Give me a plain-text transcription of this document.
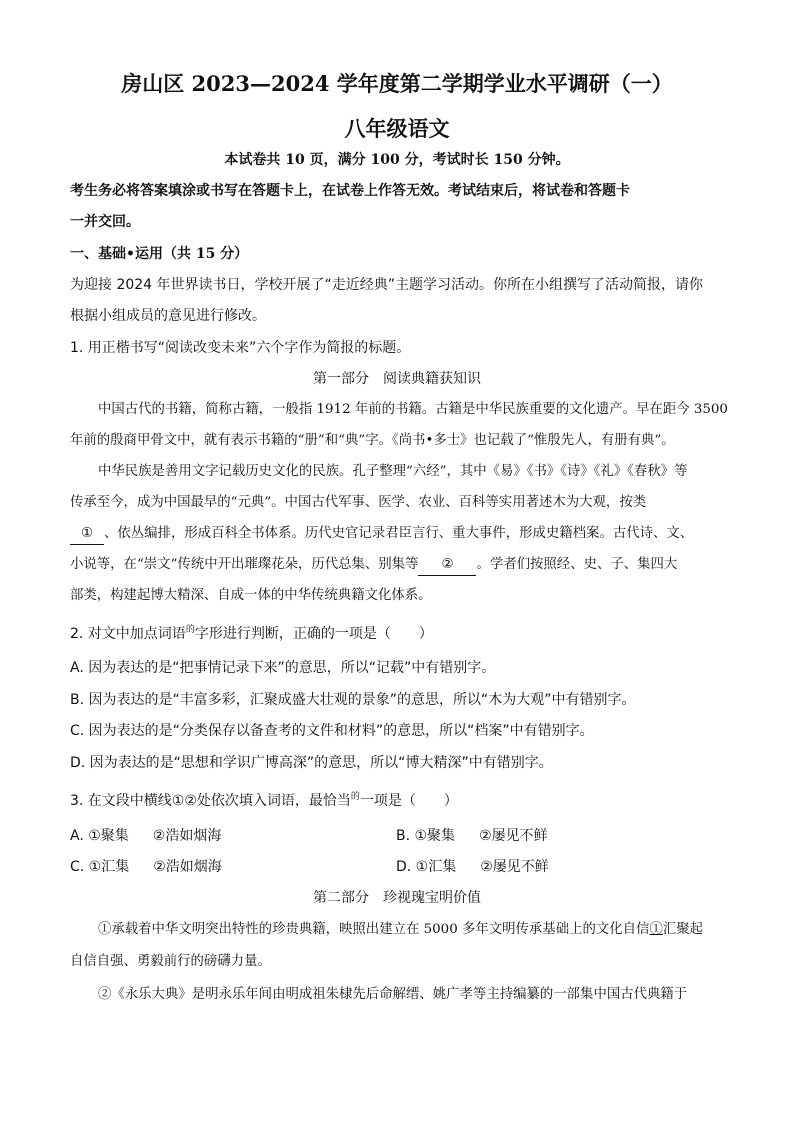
房山区 2023—2024 学年度第二学期学业水平调研（一）
八年级语文
本试卷共 10 页，满分 100 分，考试时长 150 分钟。
考生务必将答案填涂或书写在答题卡上，在试卷上作答无效。考试结束后，将试卷和答题卡
一并交回。
一、基础•运用（共 15 分）
为迎接 2024 年世界读书日，学校开展了“走近经典”主题学习活动。你所在小组撰写了活动简报，请你
根据小组成员的意见进行修改。
1. 用正楷书写“阅读改变未来”六个字作为简报的标题。
第一部分　阅读典籍获知识
中国古代的书籍，简称古籍，一般指 1912 年前的书籍。古籍是中华民族重要的文化遗产。早在距今 3500
年前的殷商甲骨文中，就有表示书籍的“册”和“典”字。《尚书•多士》也记载了“惟殷先人，有册有典”。
中华民族是善用文字记载历史文化的民族。孔子整理“六经”，其中《易》《书》《诗》《礼》《春秋》等
传承至今，成为中国最早的“元典”。中国古代军事、医学、农业、百科等实用著述木为大观，按类
① 、依丛编排，形成百科全书体系。历代史官记录君臣言行、重大事件，形成史籍档案。古代诗、文、
小说等，在“崇文”传统中开出璀璨花朵，历代总集、别集等 ② 。学者们按照经、史、子、集四大
部类，构建起博大精深、自成一体的中华传统典籍文化体系。
2. 对文中加点词语$^的$字形进行判断，正确的一项是（　　）
A. 因为表达的是“把事情记录下来”的意思，所以“记载”中有错别字。
B. 因为表达的是“丰富多彩，汇聚成盛大壮观的景象”的意思，所以“木为大观”中有错别字。
C. 因为表达的是“分类保存以备查考的文件和材料”的意思，所以“档案”中有错别字。
D. 因为表达的是“思想和学识广博高深”的意思，所以“博大精深”中有错别字。
3. 在文段中横线①②处依次填入词语，最恰当$^的$一项是（　　）
A. ①聚集 ②浩如烟海	B. ①聚集 ②屡见不鲜
C. ①汇集 ②浩如烟海	D. ①汇集 ②屡见不鲜
第二部分　珍视瑰宝明价值
①承载着中华文明突出特性的珍贵典籍，映照出建立在 5000 多年文明传承基础上的文化自信①汇聚起
自信自强、勇毅前行的磅礴力量。
②《永乐大典》是明永乐年间由明成祖朱棣先后命解缙、姚广孝等主持编纂的一部集中国古代典籍于
